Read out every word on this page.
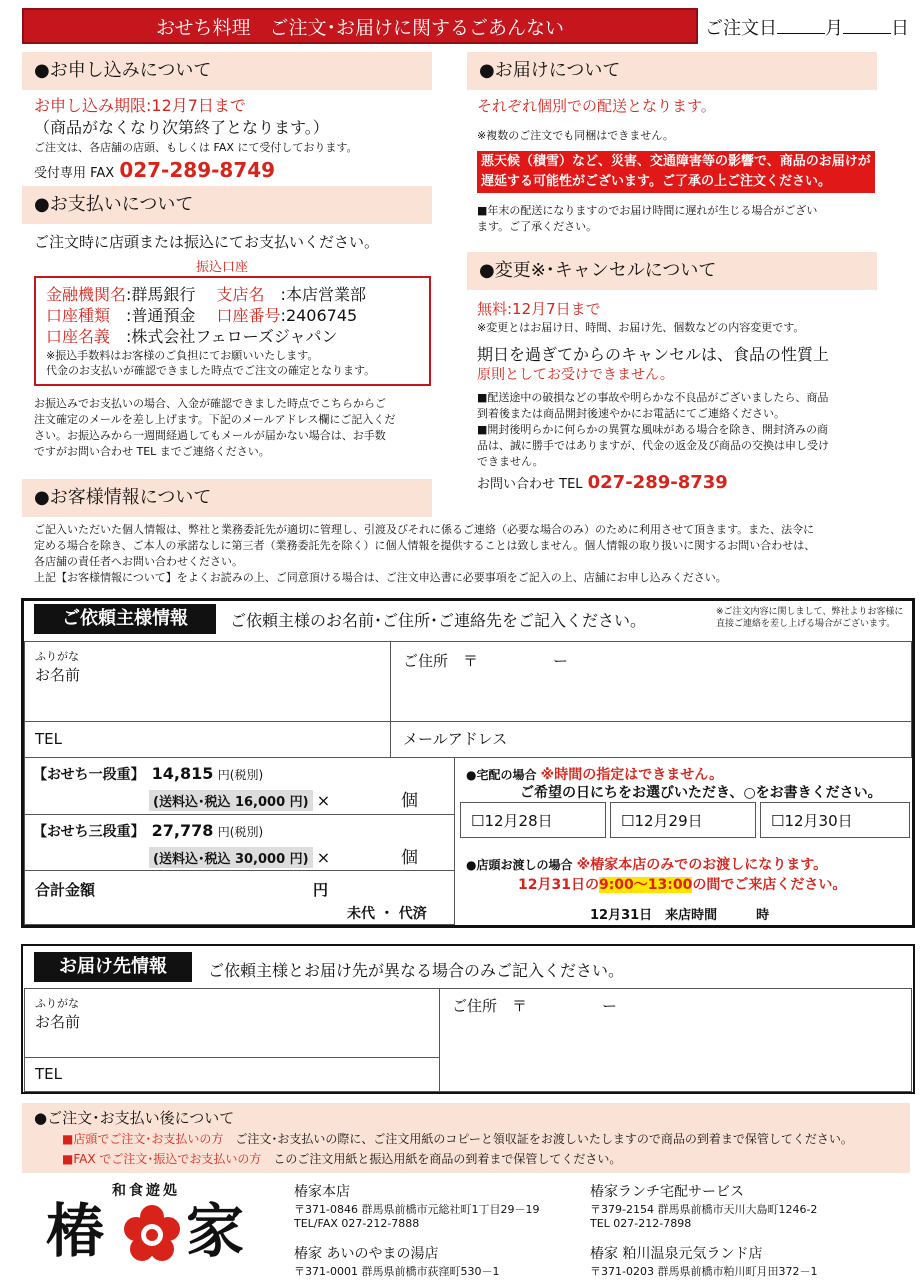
おせち料理　ご注文･お届けに関するごあんない	ご注文日	月	日
●お申し込みについて
お申し込み期限:12月7日まで
（商品がなくなり次第終了となります。）
ご注文は、各店舗の店頭、もしくは FAX にて受付しております。
受付専用 FAX 027-289-8749
●お支払いについて
ご注文時に店頭または振込にてお支払いください。
振込口座
金融機関名:群馬銀行　 支店名　:本店営業部
口座種類　:普通預金　 口座番号:2406745
口座名義　:株式会社フェローズジャパン
※振込手数料はお客様のご負担にてお願いいたします。
代金のお支払いが確認できました時点でご注文の確定となります。
お振込みでお支払いの場合、入金が確認できました時点でこちらからご
注文確定のメールを差し上げます。下記のメールアドレス欄にご記入くだ
さい。お振込みから一週間経過してもメールが届かない場合は、お手数
ですがお問い合わせ TEL までご連絡ください。
●お届けについて
それぞれ個別での配送となります。
※複数のご注文でも同梱はできません。
悪天候（積雪）など、災害、交通障害等の影響で、商品のお届けが
遅延する可能性がございます。ご了承の上ご注文ください。
■年末の配送になりますのでお届け時間に遅れが生じる場合がござい
ます。ご了承ください。
●変更※･キャンセルについて
無料:12月7日まで
※変更とはお届け日、時間、お届け先、個数などの内容変更です。
期日を過ぎてからのキャンセルは、食品の性質上
原則としてお受けできません。
■配送途中の破損などの事故や明らかな不良品がございましたら、商品
到着後または商品開封後速やかにお電話にてご連絡ください。
■開封後明らかに何らかの異質な風味がある場合を除き、開封済みの商
品は、誠に勝手ではありますが、代金の返金及び商品の交換は申し受け
できません。
お問い合わせ TEL 027-289-8739
●お客様情報について
ご記入いただいた個人情報は、弊社と業務委託先が適切に管理し、引渡及びそれに係るご連絡（必要な場合のみ）のために利用させて頂きます。また、法令に
定める場合を除き、ご本人の承諾なしに第三者（業務委託先を除く）に個人情報を提供することは致しません。個人情報の取り扱いに関するお問い合わせは、
各店舗の責任者へお問い合わせください。
上記【お客様情報について】をよくお読みの上、ご同意頂ける場合は、ご注文申込書に必要事項をご記入の上、店舗にお申し込みください。
ご依頼主様情報	ご依頼主様のお名前･ご住所･ご連絡先をご記入ください。	※ご注文内容に関しまして、弊社よりお客様に
直接ご連絡を差し上げる場合がございます。
ふりがな
お名前
ご住所　〒　　　　　ー
TEL	メールアドレス
【おせち一段重】　 14,815 円(税別)
(送料込･税込 16,000 円) ×	個
【おせち三段重】　 27,778 円(税別)
(送料込･税込 30,000 円) ×	個
合計金額	円
未代 ・ 代済
●宅配の場合 ※時間の指定はできません。
ご希望の日にちをお選びいただき、○をお書きください。
☐12月28日	☐12月29日	☐12月30日
●店頭お渡しの場合 ※椿家本店のみでのお渡しになります。
12月31日の9:00～13:00の間でご来店ください。
12月31日　来店時間　　　時
お届け先情報	ご依頼主様とお届け先が異なる場合のみご記入ください。
ふりがな
お名前
ご住所　〒　　　　　ー
TEL
●ご注文･お支払い後について
■店頭でご注文･お支払いの方　 ご注文･お支払いの際に、ご注文用紙のコピーと領収証をお渡しいたしますので商品の到着まで保管してください。
■FAX でご注文･振込でお支払いの方　 このご注文用紙と振込用紙を商品の到着まで保管してください。
和食遊処
椿 家
椿家本店
〒371-0846 群馬県前橋市元総社町1丁目29－19
TEL/FAX 027-212-7888
椿家ランチ宅配サービス
〒379-2154 群馬県前橋市天川大島町1246-2
TEL 027-212-7898
椿家 あいのやまの湯店
〒371-0001 群馬県前橋市荻窪町530－1
椿家 粕川温泉元気ランド店
〒371-0203 群馬県前橋市粕川町月田372－1
